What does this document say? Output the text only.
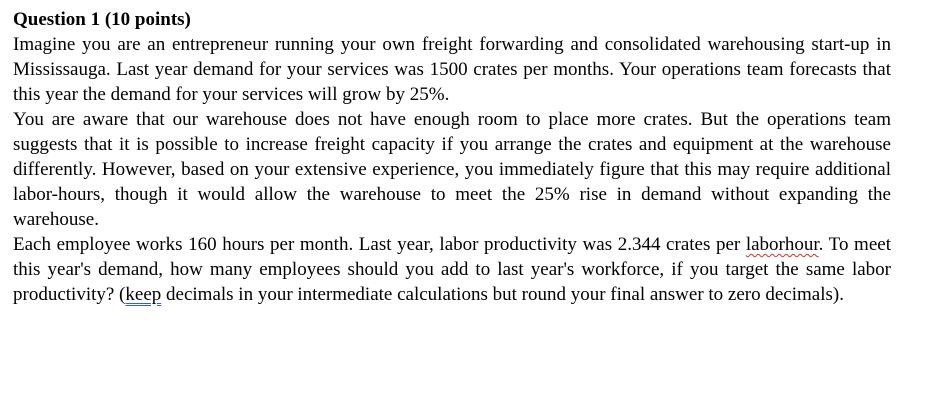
Question 1 (10 points)

Imagine you are an entrepreneur running your own freight forwarding and consolidated warehousing start-up in Mississauga. Last year demand for your services was 1500 crates per months. Your operations team forecasts that this year the demand for your services will grow by 25%.

You are aware that our warehouse does not have enough room to place more crates. But the operations team suggests that it is possible to increase freight capacity if you arrange the crates and equipment at the warehouse differently. However, based on your extensive experience, you immediately figure that this may require additional labor-hours, though it would allow the warehouse to meet the 25% rise in demand without expanding the warehouse.

Each employee works 160 hours per month. Last year, labor productivity was 2.344 crates per laborhour. To meet this year's demand, how many employees should you add to last year's workforce, if you target the same labor productivity? (keep decimals in your intermediate calculations but round your final answer to zero decimals).
